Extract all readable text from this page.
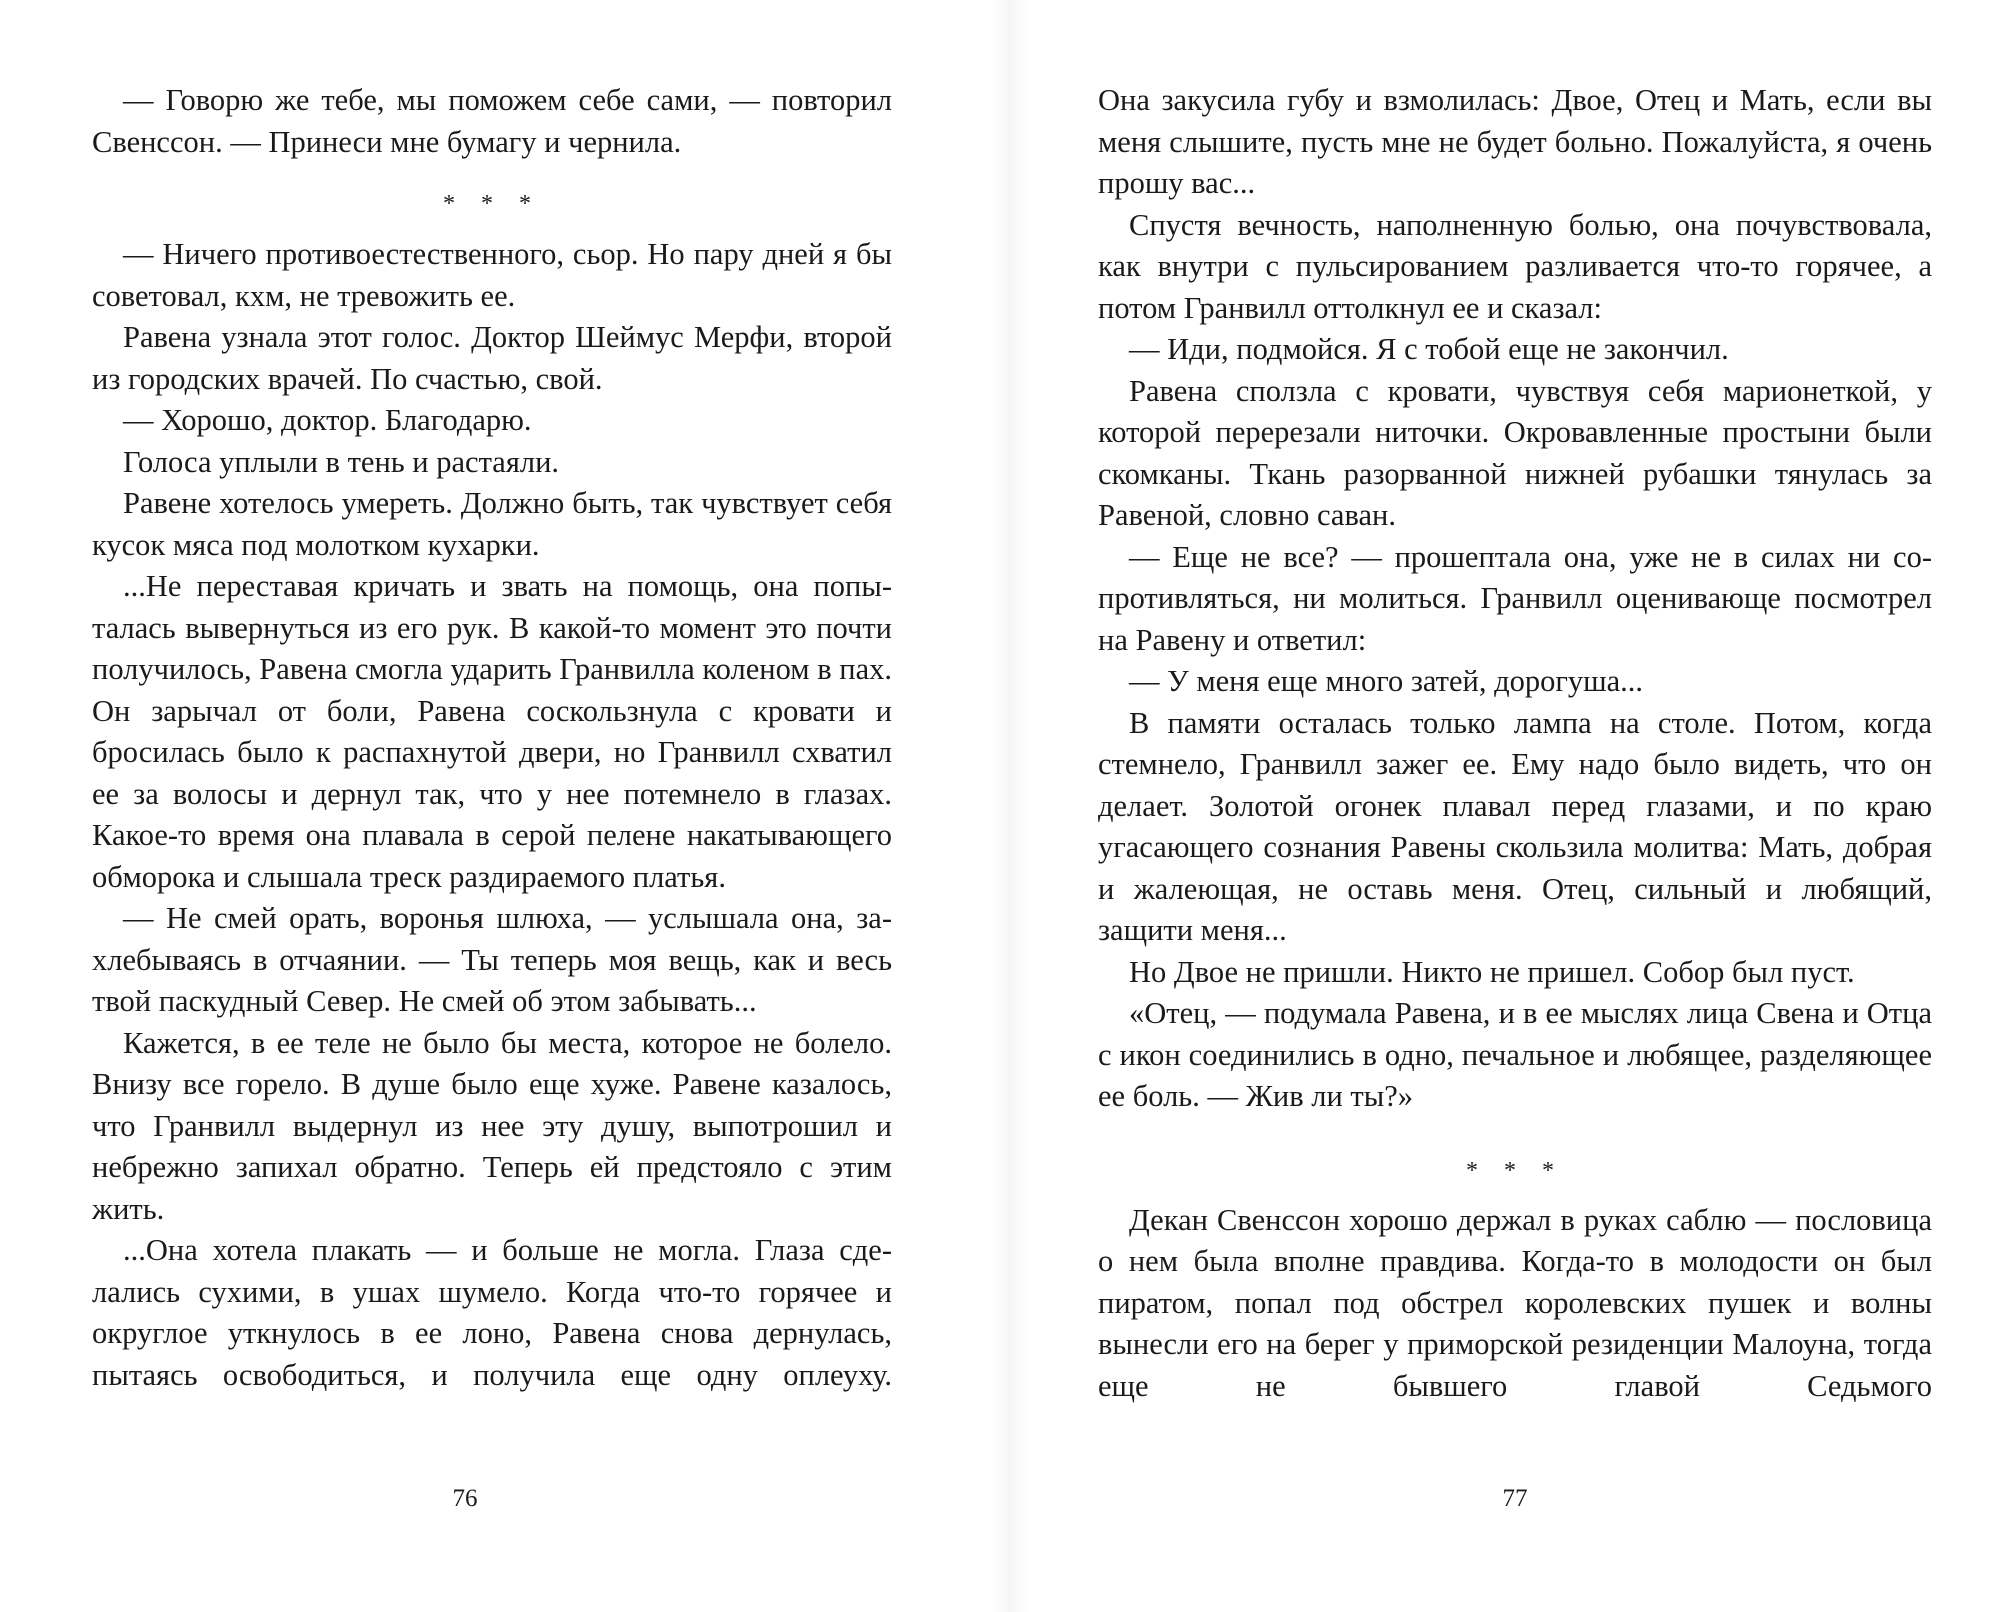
— Говорю же тебе, мы поможем себе сами, — повторил Свенссон. — Принеси мне бумагу и чернила.

* * *

— Ничего противоестественного, сьор. Но пару дней я бы советовал, кхм, не тревожить ее.

Равена узнала этот голос. Доктор Шеймус Мерфи, второй из городских врачей. По счастью, свой.

— Хорошо, доктор. Благодарю.

Голоса уплыли в тень и растаяли.

Равене хотелось умереть. Должно быть, так чувствует себя кусок мяса под молотком кухарки.

...Не переставая кричать и звать на помощь, она попыталась вывернуться из его рук. В какой-то момент это почти получилось, Равена смогла ударить Гранвилла коленом в пах. Он зарычал от боли, Равена соскользнула с кровати и бросилась было к распахнутой двери, но Гранвилл схватил ее за волосы и дернул так, что у нее потемнело в глазах. Какое-то время она плавала в серой пелене накатывающего обморока и слышала треск раздираемого платья.

— Не смей орать, воронья шлюха, — услышала она, захлебываясь в отчаянии. — Ты теперь моя вещь, как и весь твой паскудный Север. Не смей об этом забывать...

Кажется, в ее теле не было бы места, которое не болело. Внизу все горело. В душе было еще хуже. Равене казалось, что Гранвилл выдернул из нее эту душу, выпотрошил и небрежно запихал обратно. Теперь ей предстояло с этим жить.

...Она хотела плакать — и больше не могла. Глаза сделались сухими, в ушах шумело. Когда что-то горячее и округлое уткнулось в ее лоно, Равена снова дернулась, пытаясь освободиться, и получила еще одну оплеуху.

76

Она закусила губу и взмолилась: Двое, Отец и Мать, если вы меня слышите, пусть мне не будет больно. Пожалуйста, я очень прошу вас...

Спустя вечность, наполненную болью, она почувствовала, как внутри с пульсированием разливается что-то горячее, а потом Гранвилл оттолкнул ее и сказал:

— Иди, подмойся. Я с тобой еще не закончил.

Равена сползла с кровати, чувствуя себя марионеткой, у которой перерезали ниточки. Окровавленные простыни были скомканы. Ткань разорванной нижней рубашки тянулась за Равеной, словно саван.

— Еще не все? — прошептала она, уже не в силах ни сопротивляться, ни молиться. Гранвилл оценивающе посмотрел на Равену и ответил:

— У меня еще много затей, дорогуша...

В памяти осталась только лампа на столе. Потом, когда стемнело, Гранвилл зажег ее. Ему надо было видеть, что он делает. Золотой огонек плавал перед глазами, и по краю угасающего сознания Равены скользила молитва: Мать, добрая и жалеющая, не оставь меня. Отец, сильный и любящий, защити меня...

Но Двое не пришли. Никто не пришел. Собор был пуст.

«Отец, — подумала Равена, и в ее мыслях лица Свена и Отца с икон соединились в одно, печальное и любящее, разделяющее ее боль. — Жив ли ты?»

* * *

Декан Свенссон хорошо держал в руках саблю — пословица о нем была вполне правдива. Когда-то в молодости он был пиратом, попал под обстрел королевских пушек и волны вынесли его на берег у приморской резиденции Малоуна, тогда еще не бывшего главой Седьмого

77
